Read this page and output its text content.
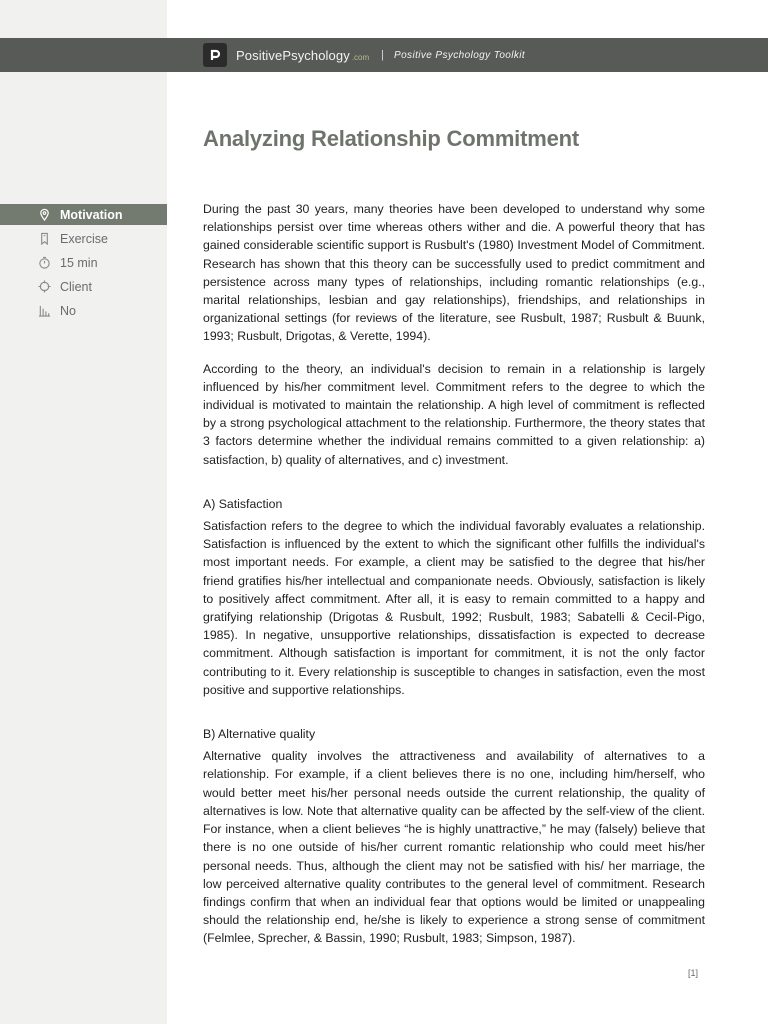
PositivePsychology .com | Positive Psychology Toolkit
Analyzing Relationship Commitment
Motivation
Exercise
15 min
Client
No

During the past 30 years, many theories have been developed to understand why some relationships persist over time whereas others wither and die. A powerful theory that has gained considerable scientific support is Rusbult's (1980) Investment Model of Commitment. Research has shown that this theory can be successfully used to predict commitment and persistence across many types of relationships, including romantic relationships (e.g., marital relationships, lesbian and gay relationships), friendships, and relationships in organizational settings (for reviews of the literature, see Rusbult, 1987; Rusbult & Buunk, 1993; Rusbult, Drigotas, & Verette, 1994).

According to the theory, an individual's decision to remain in a relationship is largely influenced by his/her commitment level. Commitment refers to the degree to which the individual is motivated to maintain the relationship. A high level of commitment is reflected by a strong psychological attachment to the relationship. Furthermore, the theory states that 3 factors determine whether the individual remains committed to a given relationship: a) satisfaction, b) quality of alternatives, and c) investment.

A) Satisfaction

Satisfaction refers to the degree to which the individual favorably evaluates a relationship. Satisfaction is influenced by the extent to which the significant other fulfills the individual's most important needs. For example, a client may be satisfied to the degree that his/her friend gratifies his/her intellectual and companionate needs. Obviously, satisfaction is likely to positively affect commitment. After all, it is easy to remain committed to a happy and gratifying relationship (Drigotas & Rusbult, 1992; Rusbult, 1983; Sabatelli & Cecil-Pigo, 1985). In negative, unsupportive relationships, dissatisfaction is expected to decrease commitment. Although satisfaction is important for commitment, it is not the only factor contributing to it. Every relationship is susceptible to changes in satisfaction, even the most positive and supportive relationships.

B) Alternative quality

Alternative quality involves the attractiveness and availability of alternatives to a relationship. For example, if a client believes there is no one, including him/herself, who would better meet his/her personal needs outside the current relationship, the quality of alternatives is low. Note that alternative quality can be affected by the self-view of the client. For instance, when a client believes “he is highly unattractive,” he may (falsely) believe that there is no one outside of his/her current romantic relationship who could meet his/her personal needs. Thus, although the client may not be satisfied with his/ her marriage, the low perceived alternative quality contributes to the general level of commitment. Research findings confirm that when an individual fear that options would be limited or unappealing should the relationship end, he/she is likely to experience a strong sense of commitment (Felmlee, Sprecher, & Bassin, 1990; Rusbult, 1983; Simpson, 1987).

[1]
